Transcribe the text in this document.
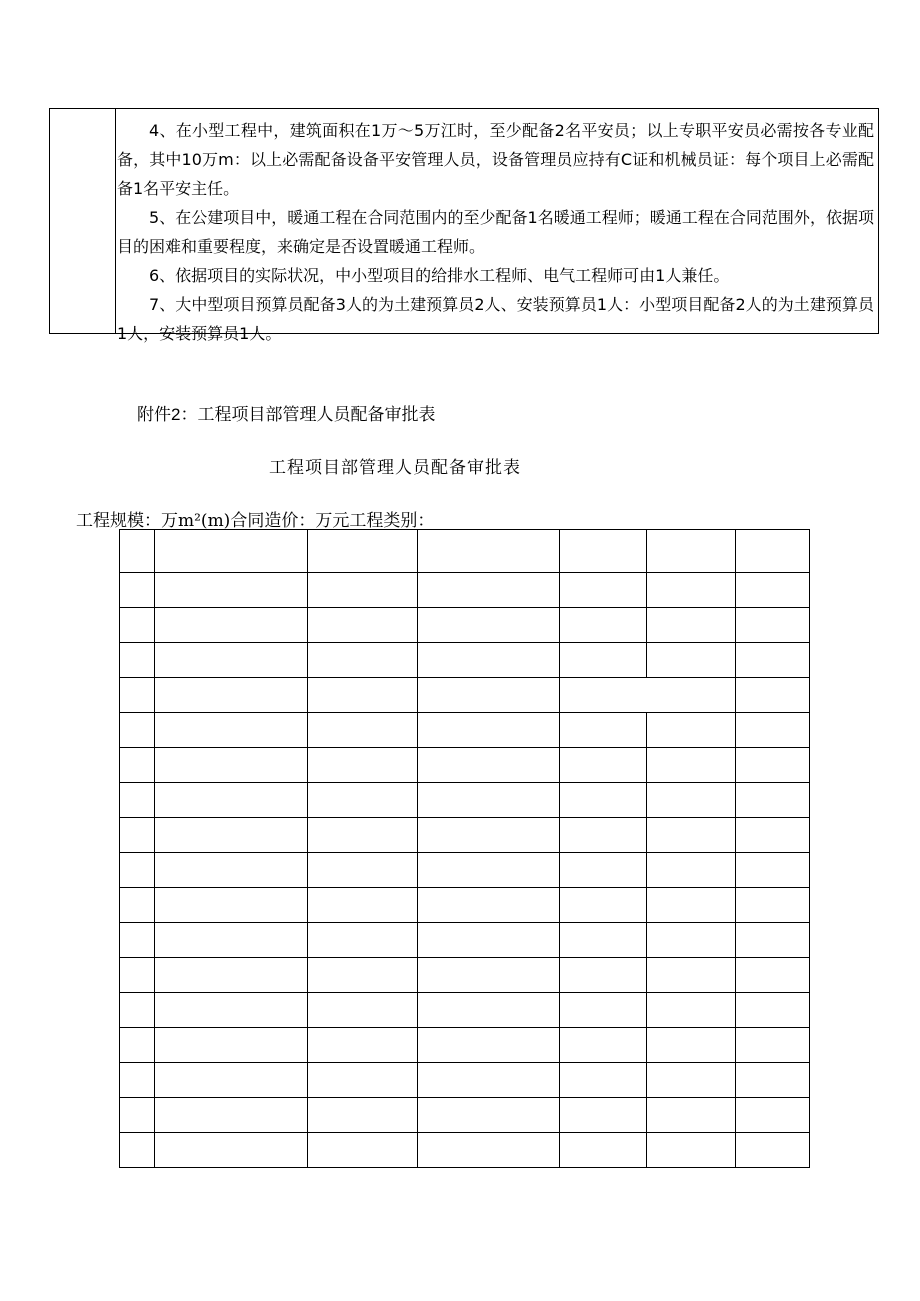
4、在小型工程中，建筑面积在1万～5万江时，至少配备2名平安员；以上专职平安员必需按各专业配备，其中10万m：以上必需配备设备平安管理人员，设备管理员应持有C证和机械员证：每个项目上必需配备1名平安主任。

5、在公建项目中，暖通工程在合同范围内的至少配备1名暖通工程师；暖通工程在合同范围外，依据项目的困难和重要程度，来确定是否设置暖通工程师。

6、依据项目的实际状况，中小型项目的给排水工程师、电气工程师可由1人兼任。

7、大中型项目预算员配备3人的为土建预算员2人、安装预算员1人：小型项目配备2人的为土建预算员1人，安装预算员1人。

附件2：工程项目部管理人员配备审批表
工程项目部管理人员配备审批表
工程规模：万m²(m)合同造价：万元工程类别：
